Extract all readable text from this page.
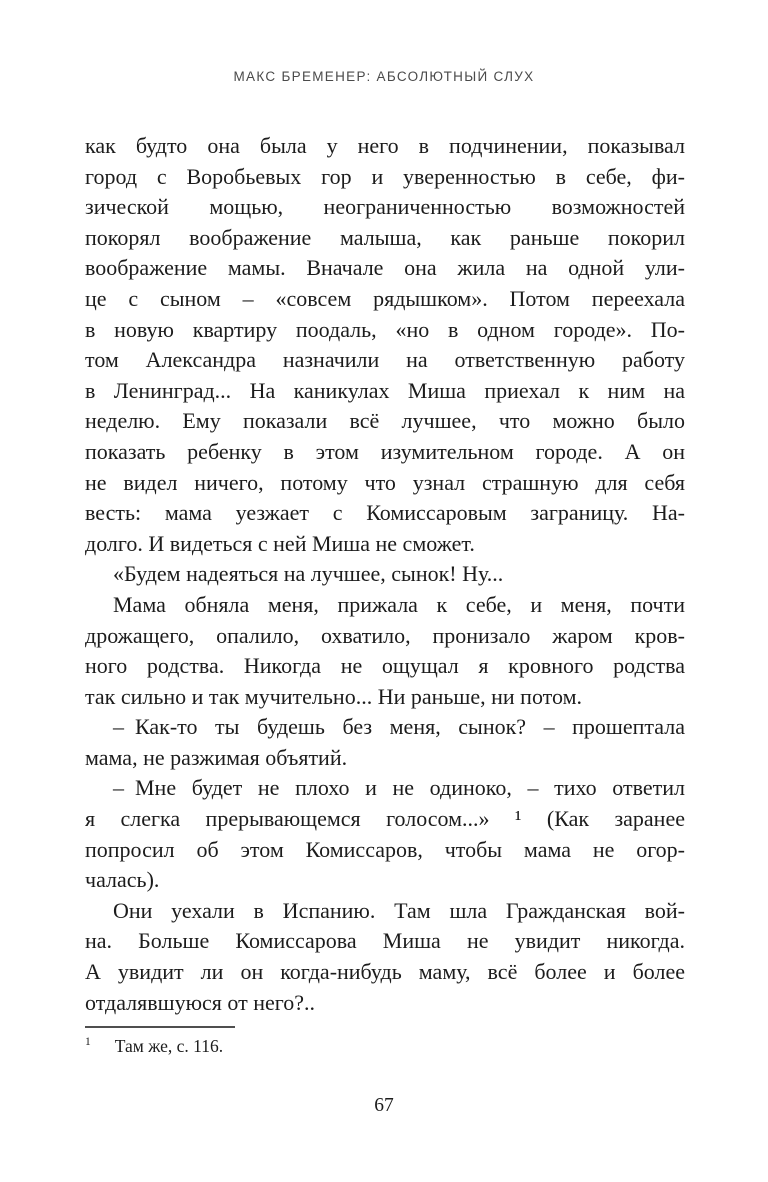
МАКС БРЕМЕНЕР: АБСОЛЮТНЫЙ СЛУХ
как будто она была у него в подчинении, показывал
город с Воробьевых гор и уверенностью в себе, фи-
зической мощью, неограниченностью возможностей
покорял воображение малыша, как раньше покорил
воображение мамы. Вначале она жила на одной ули-
це с сыном – «совсем рядышком». Потом переехала
в новую квартиру поодаль, «но в одном городе». По-
том Александра назначили на ответственную работу
в Ленинград... На каникулах Миша приехал к ним на
неделю. Ему показали всё лучшее, что можно было
показать ребенку в этом изумительном городе. А он
не видел ничего, потому что узнал страшную для себя
весть: мама уезжает с Комиссаровым заграницу. На-
долго. И видеться с ней Миша не сможет.
«Будем надеяться на лучшее, сынок! Ну...
Мама обняла меня, прижала к себе, и меня, почти
дрожащего, опалило, охватило, пронизало жаром кров-
ного родства. Никогда не ощущал я кровного родства
так сильно и так мучительно... Ни раньше, ни потом.
– Как-то ты будешь без меня, сынок? – прошептала
мама, не разжимая объятий.
– Мне будет не плохо и не одиноко, – тихо ответил
я слегка прерывающемся голосом...» ¹ (Как заранее
попросил об этом Комиссаров, чтобы мама не огор-
чалась).
Они уехали в Испанию. Там шла Гражданская вой-
на. Больше Комиссарова Миша не увидит никогда.
А увидит ли он когда-нибудь маму, всё более и более
отдалявшуюся от него?..
$^1$ Там же, с. 116.
67
